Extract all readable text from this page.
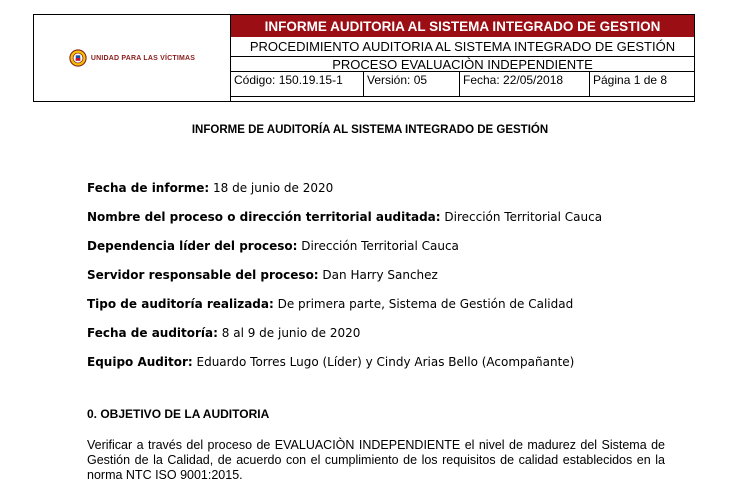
UNIDAD PARA LAS VÍCTIMAS
INFORME AUDITORIA AL SISTEMA INTEGRADO DE GESTION
PROCEDIMIENTO AUDITORIA AL SISTEMA INTEGRADO DE GESTIÓN
PROCESO EVALUACIÒN INDEPENDIENTE
Código: 150.19.15-1	Versión: 05	Fecha: 22/05/2018	Página 1 de 8
INFORME DE AUDITORÍA AL SISTEMA INTEGRADO DE GESTIÓN
Fecha de informe: 18 de junio de 2020
Nombre del proceso o dirección territorial auditada: Dirección Territorial Cauca
Dependencia líder del proceso: Dirección Territorial Cauca
Servidor responsable del proceso: Dan Harry Sanchez
Tipo de auditoría realizada: De primera parte, Sistema de Gestión de Calidad
Fecha de auditoría: 8 al 9 de junio de 2020
Equipo Auditor: Eduardo Torres Lugo (Líder) y Cindy Arias Bello (Acompañante)
0. OBJETIVO DE LA AUDITORIA
Verificar a través del proceso de EVALUACIÒN INDEPENDIENTE el nivel de madurez del Sistema de Gestión de la Calidad, de acuerdo con el cumplimiento de los requisitos de calidad establecidos en la norma NTC ISO 9001:2015.
